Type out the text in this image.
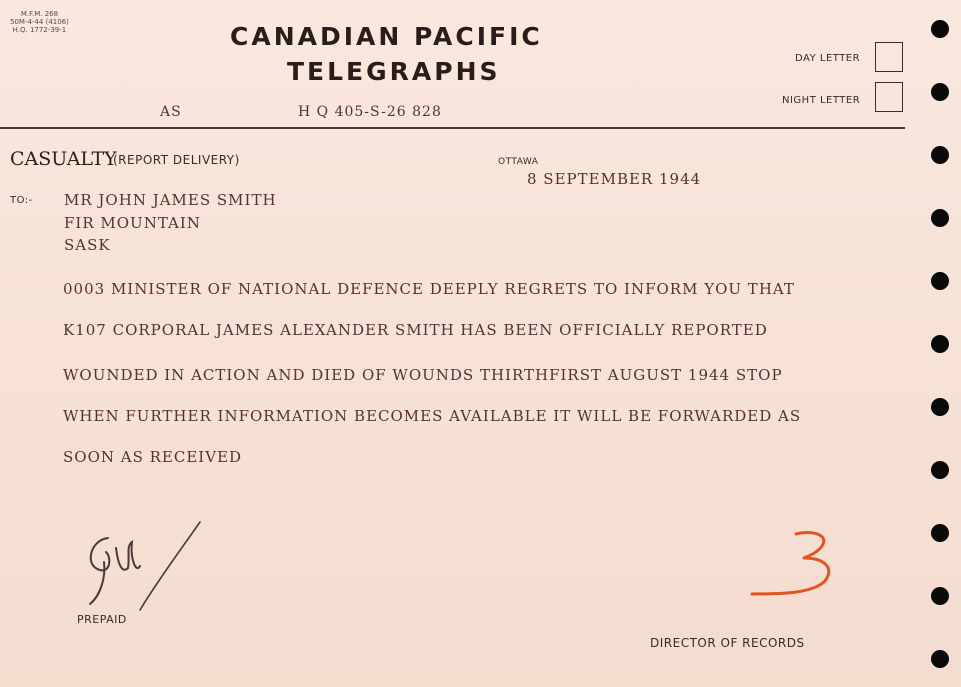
M.F.M. 268
50M-4-44 (4106)
H.Q. 1772-39-1	CANADIAN PACIFIC
TELEGRAPHS	DAY LETTER
NIGHT LETTER
AS	H Q 405-S-26 828
CASUALTY
(REPORT DELIVERY)	OTTAWA
8 SEPTEMBER 1944
TO:- MR JOHN JAMES SMITH
FIR MOUNTAIN
SASK
0003 MINISTER OF NATIONAL DEFENCE DEEPLY REGRETS TO INFORM YOU THAT
K107 CORPORAL JAMES ALEXANDER SMITH HAS BEEN OFFICIALLY REPORTED
WOUNDED IN ACTION AND DIED OF WOUNDS THIRTHFIRST AUGUST 1944 STOP
WHEN FURTHER INFORMATION BECOMES AVAILABLE IT WILL BE FORWARDED AS
SOON AS RECEIVED
PREPAID
DIRECTOR OF RECORDS
